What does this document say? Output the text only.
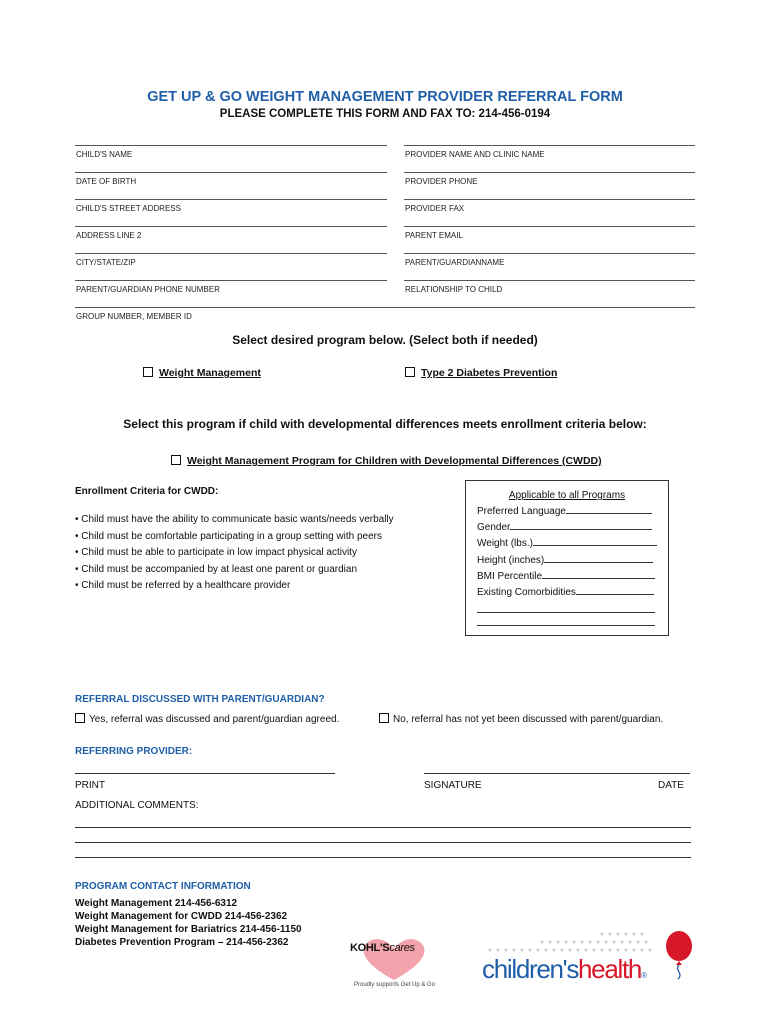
GET UP & GO WEIGHT MANAGEMENT PROVIDER REFERRAL FORM
PLEASE COMPLETE THIS FORM AND FAX TO: 214-456-0194
CHILD'S NAME
DATE OF BIRTH
CHILD'S STREET ADDRESS
ADDRESS LINE 2
CITY/STATE/ZIP
PARENT/GUARDIAN PHONE NUMBER
GROUP NUMBER, MEMBER ID
PROVIDER NAME AND CLINIC NAME
PROVIDER PHONE
PROVIDER FAX
PARENT EMAIL
PARENT/GUARDIANNAME
RELATIONSHIP TO CHILD
Select desired program below. (Select both if needed)
Weight Management	Type 2 Diabetes Prevention
Select this program if child with developmental differences meets enrollment criteria below:
Weight Management Program for Children with Developmental Differences (CWDD)
Enrollment Criteria for CWDD:
• Child must have the ability to communicate basic wants/needs verbally
• Child must be comfortable participating in a group setting with peers
• Child must be able to participate in low impact physical activity
• Child must be accompanied by at least one parent or guardian
• Child must be referred by a healthcare provider
Applicable to all Programs
Preferred Language
Gender
Weight (lbs.)
Height (inches)
BMI Percentile
Existing Comorbidities
REFERRAL DISCUSSED WITH PARENT/GUARDIAN?
Yes, referral was discussed and parent/guardian agreed.	No, referral has not yet been discussed with parent/guardian.
REFERRING PROVIDER:
PRINT	SIGNATURE	DATE
ADDITIONAL COMMENTS:
PROGRAM CONTACT INFORMATION
Weight Management 214-456-6312
Weight Management for CWDD 214-456-2362
Weight Management for Bariatrics 214-456-1150
Diabetes Prevention Program – 214-456-2362	KOHL'Scares
Proudly supports Get Up & Go
children'shealth®
